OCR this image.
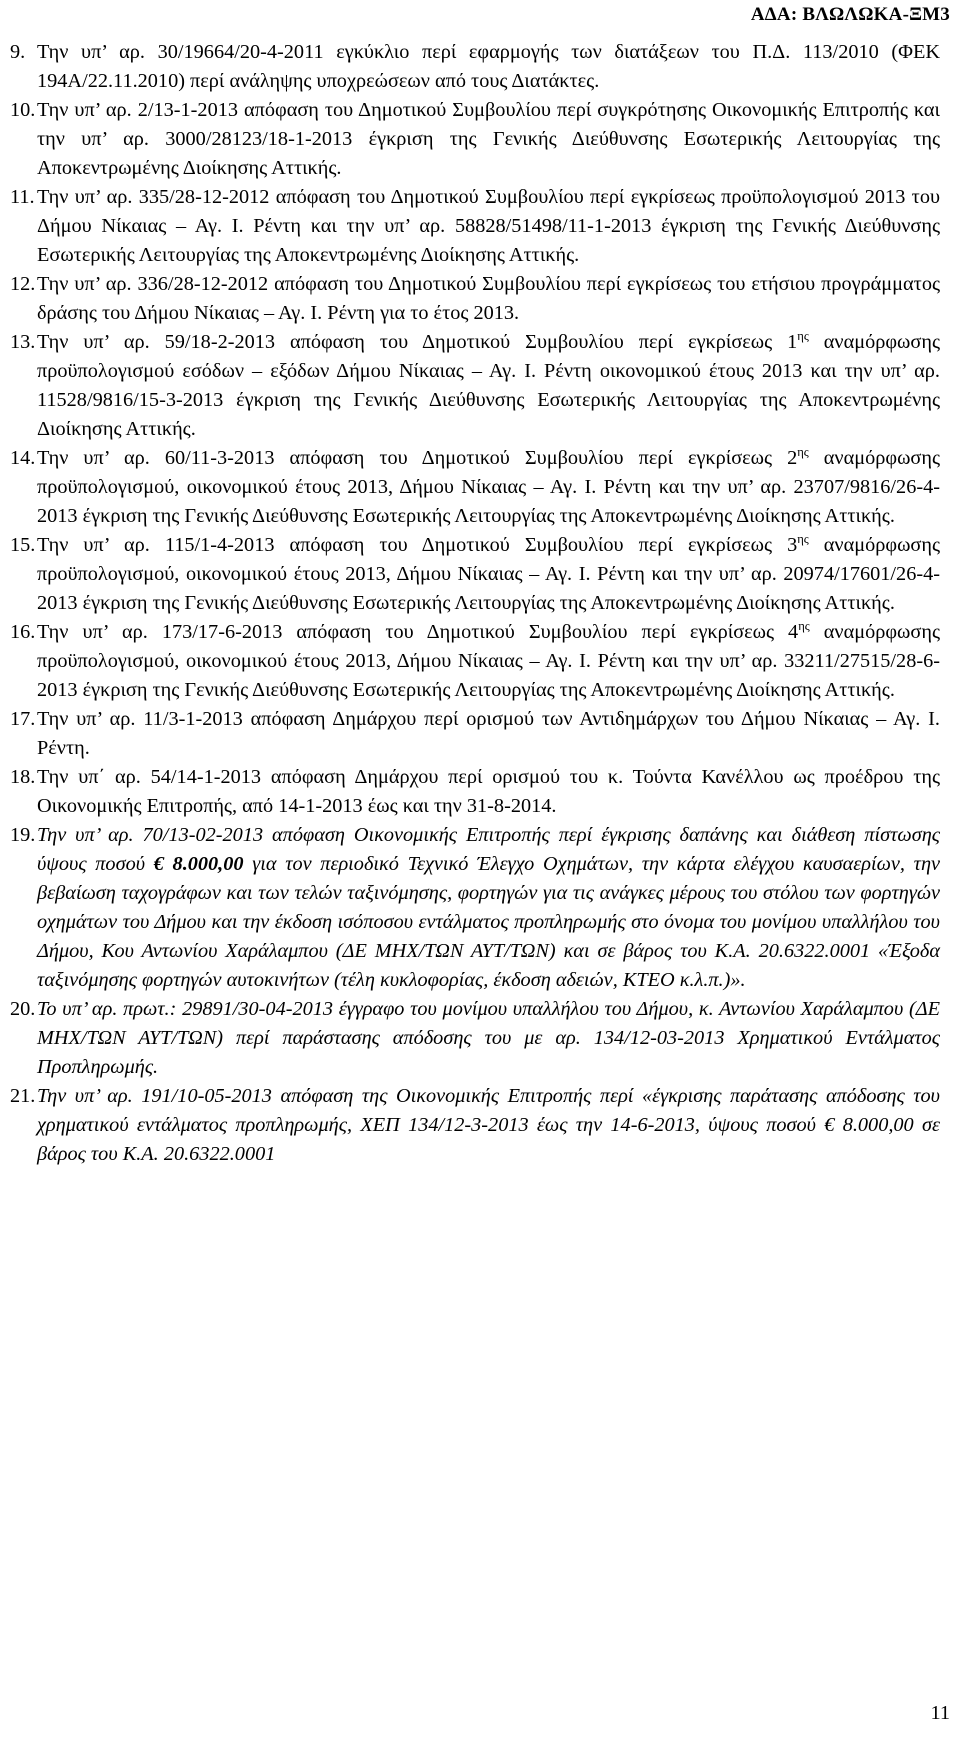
ΑΔΑ: ΒΛΩΛΩΚΑ-ΞΜ3
9. Την υπ’ αρ. 30/19664/20-4-2011 εγκύκλιο περί εφαρμογής των διατάξεων του Π.Δ. 113/2010 (ΦΕΚ 194Α/22.11.2010) περί ανάληψης υποχρεώσεων από τους Διατάκτες.
10. Την υπ’ αρ. 2/13-1-2013 απόφαση του Δημοτικού Συμβουλίου περί συγκρότησης Οικονομικής Επιτροπής και την υπ’ αρ. 3000/28123/18-1-2013 έγκριση της Γενικής Διεύθυνσης Εσωτερικής Λειτουργίας της Αποκεντρωμένης Διοίκησης Αττικής.
11. Την υπ’ αρ. 335/28-12-2012 απόφαση του Δημοτικού Συμβουλίου περί εγκρίσεως προϋπολογισμού 2013 του Δήμου Νίκαιας – Αγ. Ι. Ρέντη και την υπ’ αρ. 58828/51498/11-1-2013 έγκριση της Γενικής Διεύθυνσης Εσωτερικής Λειτουργίας της Αποκεντρωμένης Διοίκησης Αττικής.
12. Την υπ’ αρ. 336/28-12-2012 απόφαση του Δημοτικού Συμβουλίου περί εγκρίσεως του ετήσιου προγράμματος δράσης του Δήμου Νίκαιας – Αγ. Ι. Ρέντη για το έτος 2013.
13. Την υπ’ αρ. 59/18-2-2013 απόφαση του Δημοτικού Συμβουλίου περί εγκρίσεως $1^{\eta\varsigma}$ αναμόρφωσης προϋπολογισμού εσόδων – εξόδων Δήμου Νίκαιας – Αγ. Ι. Ρέντη οικονομικού έτους 2013 και την υπ’ αρ. 11528/9816/15-3-2013 έγκριση της Γενικής Διεύθυνσης Εσωτερικής Λειτουργίας της Αποκεντρωμένης Διοίκησης Αττικής.
14. Την υπ’ αρ. 60/11-3-2013 απόφαση του Δημοτικού Συμβουλίου περί εγκρίσεως $2^{\eta\varsigma}$ αναμόρφωσης προϋπολογισμού, οικονομικού έτους 2013, Δήμου Νίκαιας – Αγ. Ι. Ρέντη και την υπ’ αρ. 23707/9816/26-4-2013 έγκριση της Γενικής Διεύθυνσης Εσωτερικής Λειτουργίας της Αποκεντρωμένης Διοίκησης Αττικής.
15. Την υπ’ αρ. 115/1-4-2013 απόφαση του Δημοτικού Συμβουλίου περί εγκρίσεως $3^{\eta\varsigma}$ αναμόρφωσης προϋπολογισμού, οικονομικού έτους 2013, Δήμου Νίκαιας – Αγ. Ι. Ρέντη και την υπ’ αρ. 20974/17601/26-4-2013 έγκριση της Γενικής Διεύθυνσης Εσωτερικής Λειτουργίας της Αποκεντρωμένης Διοίκησης Αττικής.
16. Την υπ’ αρ. 173/17-6-2013 απόφαση του Δημοτικού Συμβουλίου περί εγκρίσεως $4^{\eta\varsigma}$ αναμόρφωσης προϋπολογισμού, οικονομικού έτους 2013, Δήμου Νίκαιας – Αγ. Ι. Ρέντη και την υπ’ αρ. 33211/27515/28-6-2013 έγκριση της Γενικής Διεύθυνσης Εσωτερικής Λειτουργίας της Αποκεντρωμένης Διοίκησης Αττικής.
17. Την υπ’ αρ. 11/3-1-2013 απόφαση Δημάρχου περί ορισμού των Αντιδημάρχων του Δήμου Νίκαιας – Αγ. Ι. Ρέντη.
18. Την υπ΄ αρ. 54/14-1-2013 απόφαση Δημάρχου περί ορισμού του κ. Τούντα Κανέλλου ως προέδρου της Οικονομικής Επιτροπής, από 14-1-2013 έως και την 31-8-2014.
19. Την υπ’ αρ. 70/13-02-2013 απόφαση Οικονομικής Επιτροπής περί έγκρισης δαπάνης και διάθεση πίστωσης ύψους ποσού € 8.000,00 για τον περιοδικό Τεχνικό Έλεγχο Οχημάτων, την κάρτα ελέγχου καυσαερίων, την βεβαίωση ταχογράφων και των τελών ταξινόμησης, φορτηγών για τις ανάγκες μέρους του στόλου των φορτηγών οχημάτων του Δήμου και την έκδοση ισόποσου εντάλματος προπληρωμής στο όνομα του μονίμου υπαλλήλου του Δήμου, Κου Αντωνίου Χαράλαμπου (ΔΕ ΜΗΧ/ΤΩΝ ΑΥΤ/ΤΩΝ) και σε βάρος του Κ.Α. 20.6322.0001 «Έξοδα ταξινόμησης φορτηγών αυτοκινήτων (τέλη κυκλοφορίας, έκδοση αδειών, ΚΤΕΟ κ.λ.π.)».
20. Το υπ’ αρ. πρωτ.: 29891/30-04-2013 έγγραφο του μονίμου υπαλλήλου του Δήμου, κ. Αντωνίου Χαράλαμπου (ΔΕ ΜΗΧ/ΤΩΝ ΑΥΤ/ΤΩΝ) περί παράστασης απόδοσης του με αρ. 134/12-03-2013 Χρηματικού Εντάλματος Προπληρωμής.
21. Την υπ’ αρ. 191/10-05-2013 απόφαση της Οικονομικής Επιτροπής περί «έγκρισης παράτασης απόδοσης του χρηματικού εντάλματος προπληρωμής, ΧΕΠ 134/12-3-2013 έως την 14-6-2013, ύψους ποσού € 8.000,00 σε βάρος του Κ.Α. 20.6322.0001
11
